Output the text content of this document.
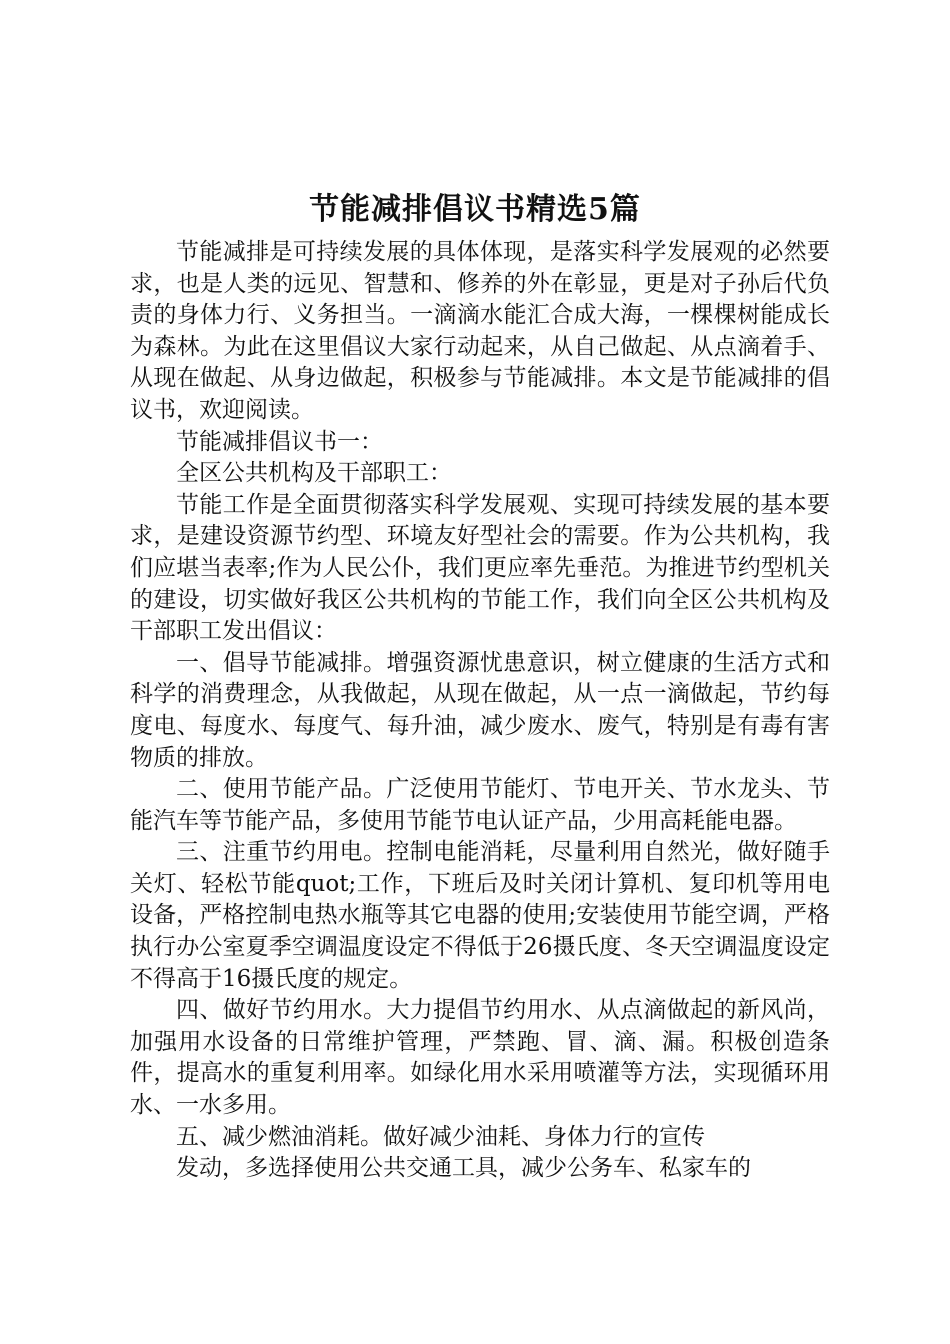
节能减排倡议书精选5篇

节能减排是可持续发展的具体体现，是落实科学发展观的必然要求，也是人类的远见、智慧和、修养的外在彰显，更是对子孙后代负责的身体力行、义务担当。一滴滴水能汇合成大海，一棵棵树能成长为森林。为此在这里倡议大家行动起来，从自己做起、从点滴着手、从现在做起、从身边做起，积极参与节能减排。本文是节能减排的倡议书，欢迎阅读。

节能减排倡议书一：

全区公共机构及干部职工：

节能工作是全面贯彻落实科学发展观、实现可持续发展的基本要求，是建设资源节约型、环境友好型社会的需要。作为公共机构，我们应堪当表率;作为人民公仆，我们更应率先垂范。为推进节约型机关的建设，切实做好我区公共机构的节能工作，我们向全区公共机构及干部职工发出倡议：

一、倡导节能减排。增强资源忧患意识，树立健康的生活方式和科学的消费理念，从我做起，从现在做起，从一点一滴做起，节约每度电、每度水、每度气、每升油，减少废水、废气，特别是有毒有害物质的排放。

二、使用节能产品。广泛使用节能灯、节电开关、节水龙头、节能汽车等节能产品，多使用节能节电认证产品，少用高耗能电器。

三、注重节约用电。控制电能消耗，尽量利用自然光，做好随手关灯、轻松节能quot;工作，下班后及时关闭计算机、复印机等用电设备，严格控制电热水瓶等其它电器的使用;安装使用节能空调，严格执行办公室夏季空调温度设定不得低于26摄氏度、冬天空调温度设定不得高于16摄氏度的规定。

四、做好节约用水。大力提倡节约用水、从点滴做起的新风尚，加强用水设备的日常维护管理，严禁跑、冒、滴、漏。积极创造条件，提高水的重复利用率。如绿化用水采用喷灌等方法，实现循环用水、一水多用。

五、减少燃油消耗。做好减少油耗、身体力行的宣传

发动，多选择使用公共交通工具，减少公务车、私家车的
